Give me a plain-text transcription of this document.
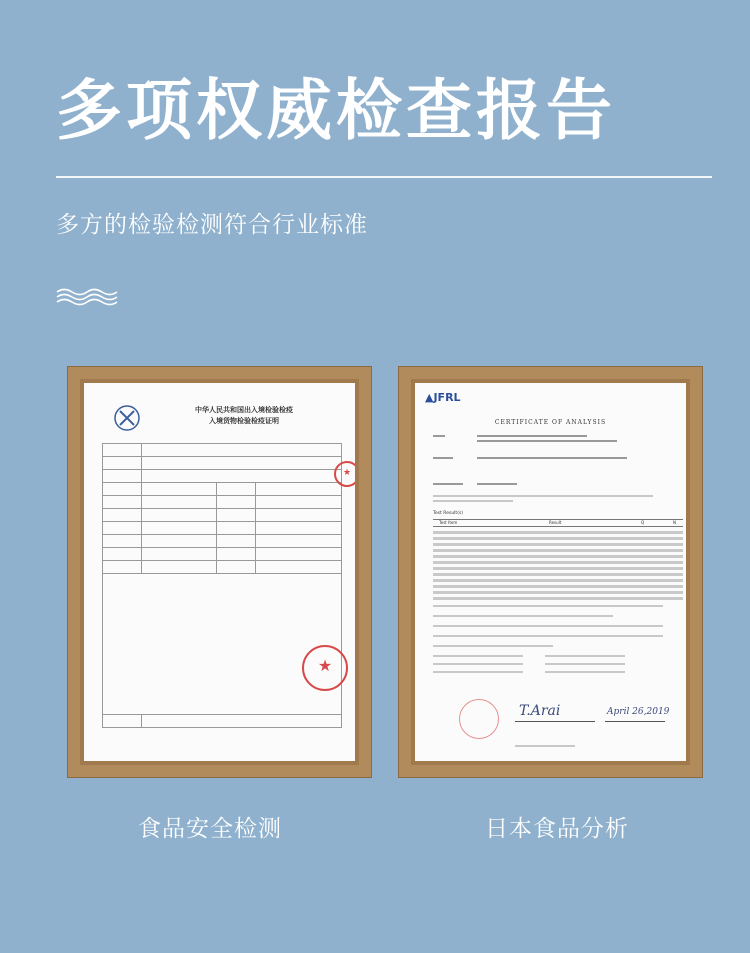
多项权威检查报告
多方的检验检测符合行业标准
中华人民共和国出入境检验检疫
入境货物检验检疫证明

★
★
▲JFRL
CERTIFICATE OF ANALYSIS
Test Result(s)
Test Item	Result	Q	N
T.Arai	April 26,2019
食品安全检测	日本食品分析
